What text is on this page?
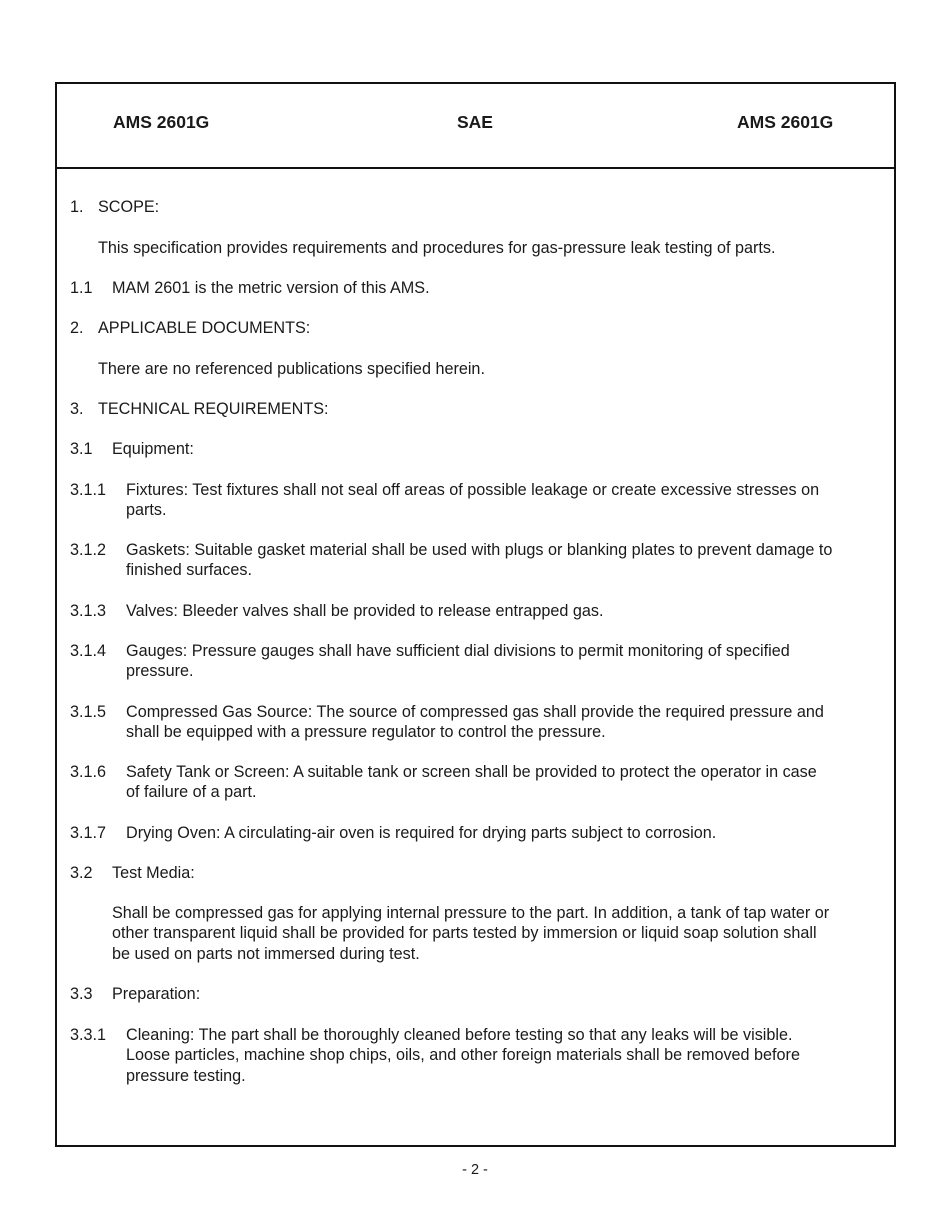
AMS 2601G	SAE	AMS 2601G
1. SCOPE:
This specification provides requirements and procedures for gas-pressure leak testing of parts.
1.1 MAM 2601 is the metric version of this AMS.
2. APPLICABLE DOCUMENTS:
There are no referenced publications specified herein.
3. TECHNICAL REQUIREMENTS:
3.1 Equipment:
3.1.1 Fixtures: Test fixtures shall not seal off areas of possible leakage or create excessive stresses on
parts.
3.1.2 Gaskets: Suitable gasket material shall be used with plugs or blanking plates to prevent damage to
finished surfaces.
3.1.3 Valves: Bleeder valves shall be provided to release entrapped gas.
3.1.4 Gauges: Pressure gauges shall have sufficient dial divisions to permit monitoring of specified
pressure.
3.1.5 Compressed Gas Source: The source of compressed gas shall provide the required pressure and
shall be equipped with a pressure regulator to control the pressure.
3.1.6 Safety Tank or Screen: A suitable tank or screen shall be provided to protect the operator in case
of failure of a part.
3.1.7 Drying Oven: A circulating-air oven is required for drying parts subject to corrosion.
3.2 Test Media:
Shall be compressed gas for applying internal pressure to the part. In addition, a tank of tap water or
other transparent liquid shall be provided for parts tested by immersion or liquid soap solution shall
be used on parts not immersed during test.
3.3 Preparation:
3.3.1 Cleaning: The part shall be thoroughly cleaned before testing so that any leaks will be visible.
Loose particles, machine shop chips, oils, and other foreign materials shall be removed before
pressure testing.
- 2 -
